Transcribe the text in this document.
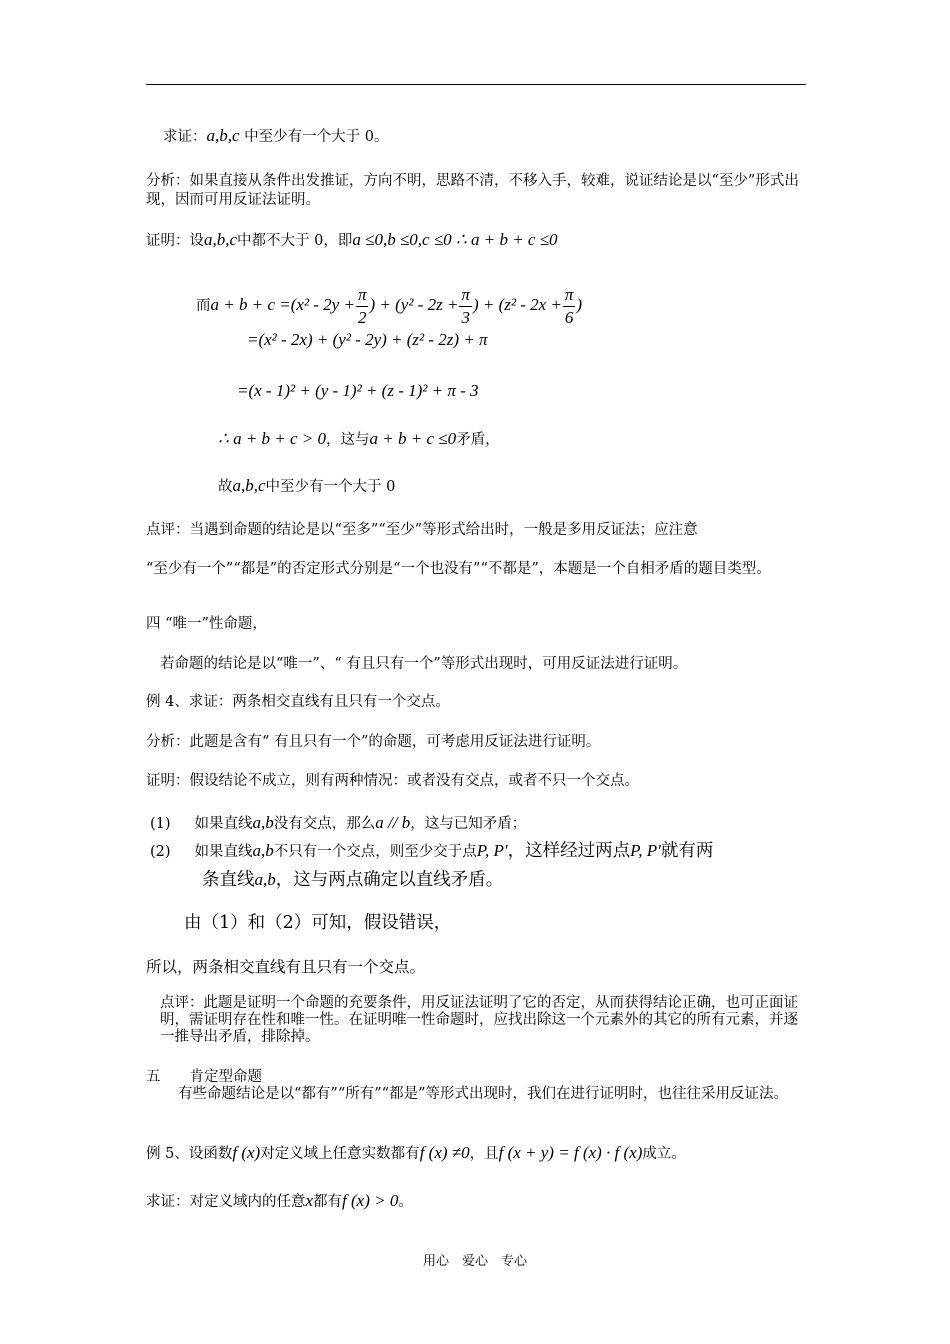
求证：a,b,c 中至少有一个大于 0。
分析：如果直接从条件出发推证，方向不明，思路不清，不移入手，较难，说证结论是以“至少”形式出现，因而可用反证法证明。
证明：设a,b,c中都不大于 0，即a ≤0,b ≤0,c ≤0 ∴ a + b + c ≤0
而$a + b + c =(x^2 - 2y + \frac{\pi}{2}$ ) + ($y^2 - 2z + \frac{\pi}{3}$ ) + ($z^2 - 2x + \frac{\pi}{6}$ )
=(x² - 2x) + (y² - 2y) + (z² - 2z) + π
=(x - 1)² + (y - 1)² + (z - 1)² + π - 3
∴ a + b + c > 0，这与a + b + c ≤0矛盾，
故a,b,c中至少有一个大于 0
点评：当遇到命题的结论是以“至多”“至少”等形式给出时，一般是多用反证法；应注意
“至少有一个”“都是”的否定形式分别是“一个也没有”“不都是”，本题是一个自相矛盾的题目类型。
四 “唯一”性命题，
若命题的结论是以“唯一”、“ 有且只有一个”等形式出现时，可用反证法进行证明。
例 4、求证：两条相交直线有且只有一个交点。
分析：此题是含有“ 有且只有一个”的命题，可考虑用反证法进行证明。
证明：假设结论不成立，则有两种情况：或者没有交点，或者不只一个交点。
(1) 如果直线a,b没有交点，那么a // b，这与已知矛盾；
(2) 如果直线a,b不只有一个交点，则至少交于点P, P′，这样经过两点P, P′就有两
条直线a,b，这与两点确定以直线矛盾。
由（1）和（2）可知，假设错误，
所以，两条相交直线有且只有一个交点。
点评：此题是证明一个命题的充要条件，用反证法证明了它的否定，从而获得结论正确，也可正面证明，需证明存在性和唯一性。在证明唯一性命题时，应找出除这一个元素外的其它的所有元素，并逐一推导出矛盾，排除掉。
五　　肯定型命题
有些命题结论是以“都有”“所有”“都是”等形式出现时，我们在进行证明时，也往往采用反证法。
例 5、设函数f (x)对定义域上任意实数都有f (x) ≠0，且f (x + y) = f (x) · f (x)成立。
求证：对定义域内的任意x都有f (x) > 0。
用心　爱心　专心
